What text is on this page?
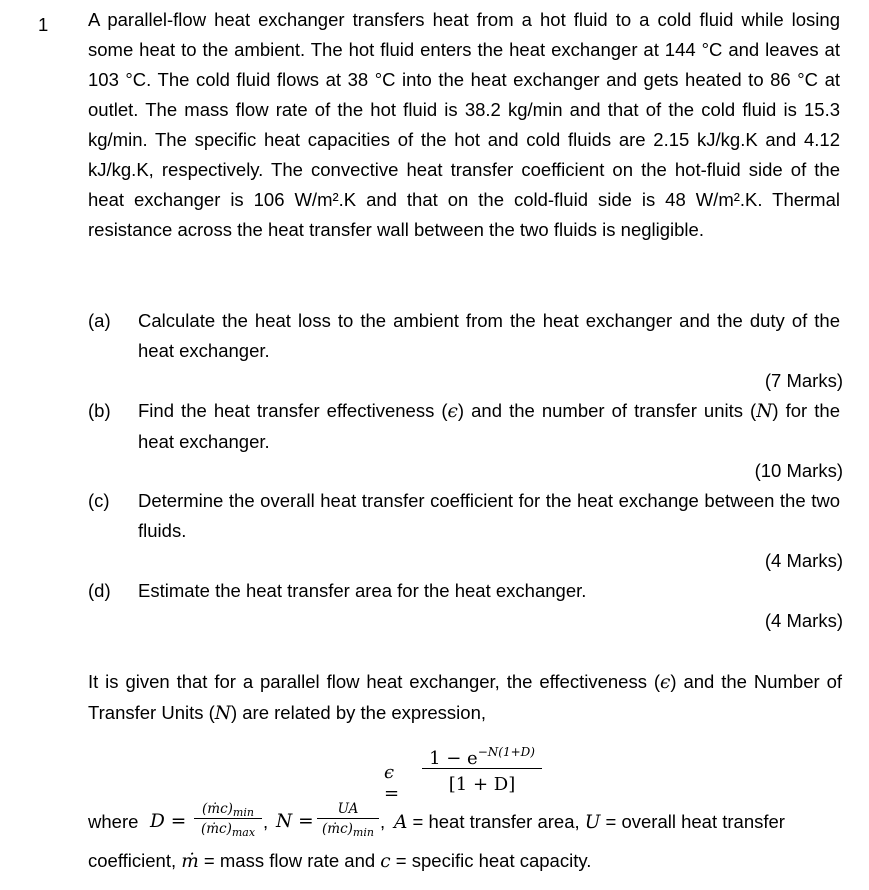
1 A parallel-flow heat exchanger transfers heat from a hot fluid to a cold fluid while losing some heat to the ambient. The hot fluid enters the heat exchanger at 144 °C and leaves at 103 °C. The cold fluid flows at 38 °C into the heat exchanger and gets heated to 86 °C at outlet. The mass flow rate of the hot fluid is 38.2 kg/min and that of the cold fluid is 15.3 kg/min. The specific heat capacities of the hot and cold fluids are 2.15 kJ/kg.K and 4.12 kJ/kg.K, respectively. The convective heat transfer coefficient on the hot-fluid side of the heat exchanger is 106 W/m².K and that on the cold-fluid side is 48 W/m².K. Thermal resistance across the heat transfer wall between the two fluids is negligible.
(a) Calculate the heat loss to the ambient from the heat exchanger and the duty of the heat exchanger.
(7 Marks)
(b) Find the heat transfer effectiveness (ϵ) and the number of transfer units (N) for the heat exchanger.
(10 Marks)
(c) Determine the overall heat transfer coefficient for the heat exchange between the two fluids.
(4 Marks)
(d) Estimate the heat transfer area for the heat exchanger.
(4 Marks)
It is given that for a parallel flow heat exchanger, the effectiveness (ϵ) and the Number of Transfer Units (N) are related by the expression,
ϵ =
$1 - e^{-N(1+D)}$
[1 + D]
where D =
$(ṁc)_{min}$
$(ṁc)_{max}$
, N =
UA
$(ṁc)_{min}$
, A = heat transfer area, U = overall heat transfer
coefficient, ṁ = mass flow rate and c = specific heat capacity.
